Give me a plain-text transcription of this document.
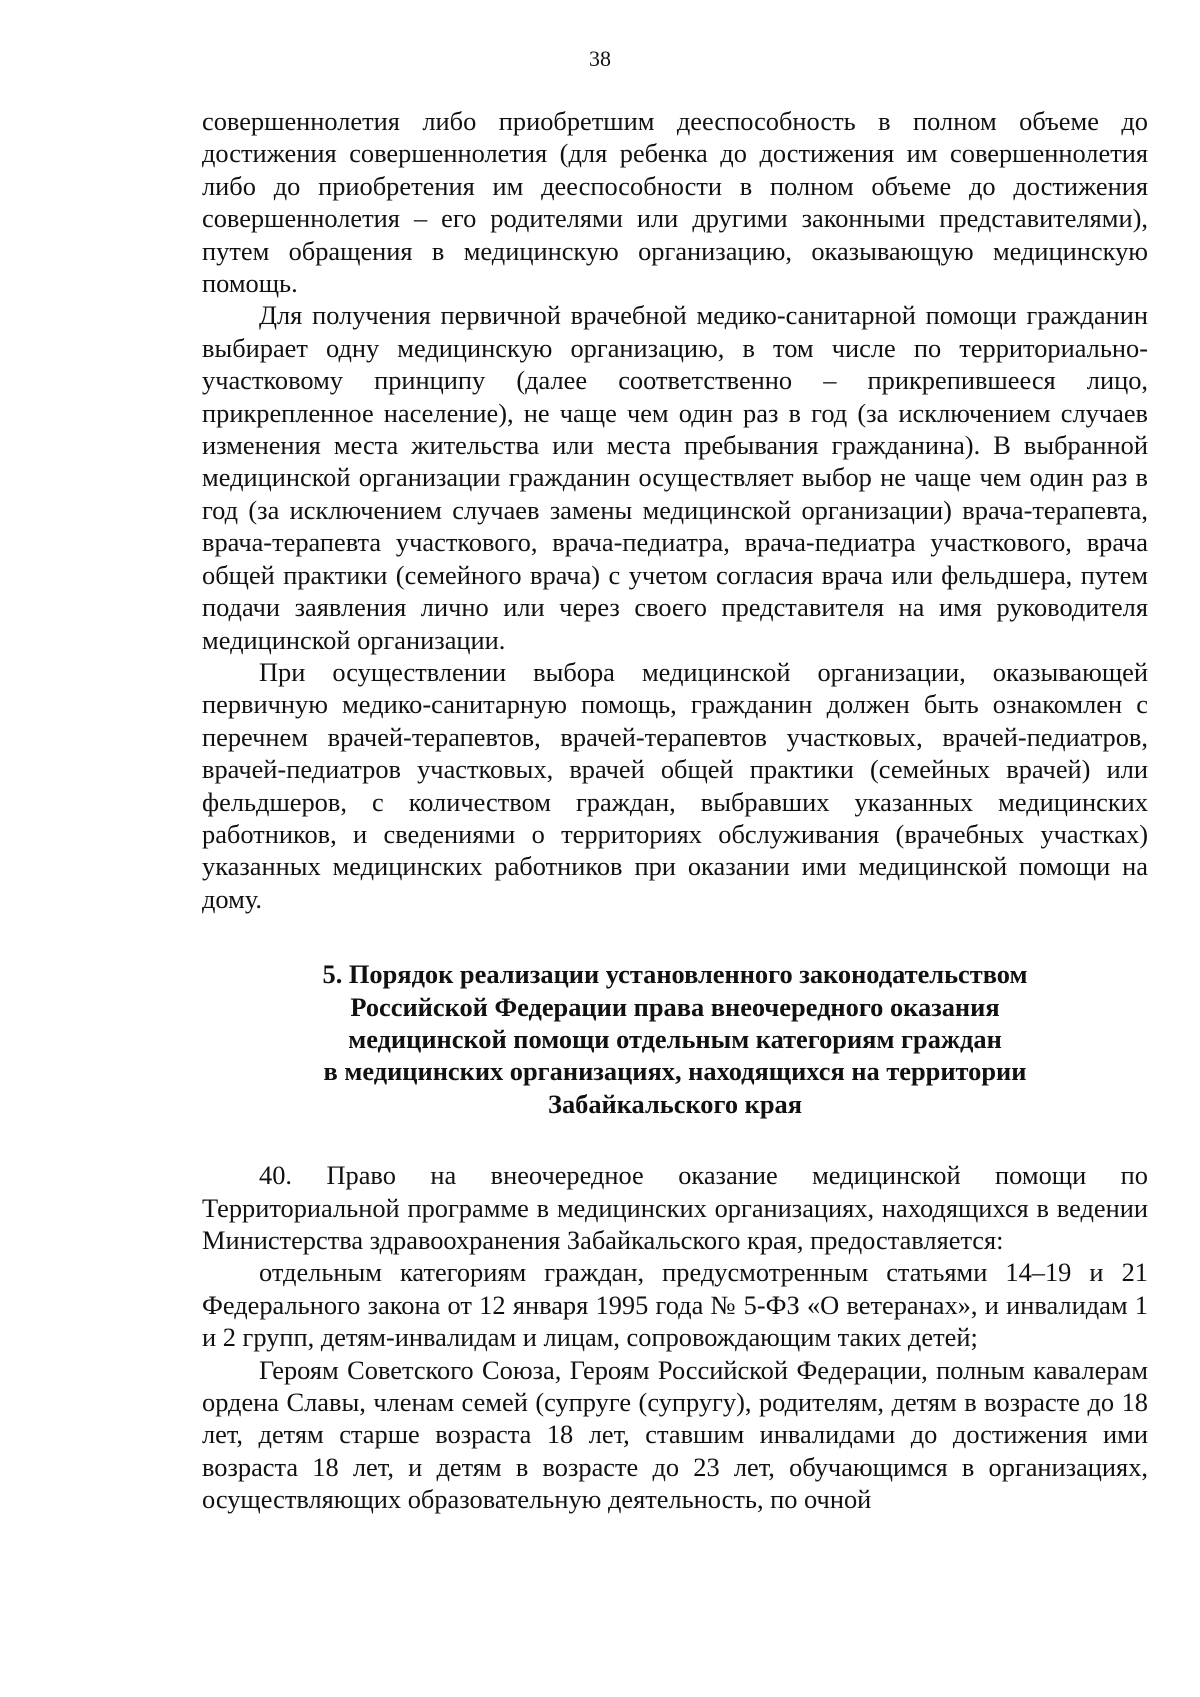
38

совершеннолетия либо приобретшим дееспособность в полном объеме до достижения совершеннолетия (для ребенка до достижения им совершеннолетия либо до приобретения им дееспособности в полном объеме до достижения совершеннолетия – его родителями или другими законными представителями), путем обращения в медицинскую организацию, оказывающую медицинскую помощь.

Для получения первичной врачебной медико-санитарной помощи гражданин выбирает одну медицинскую организацию, в том числе по территориально-участковому принципу (далее соответственно – прикрепившееся лицо, прикрепленное население), не чаще чем один раз в год (за исключением случаев изменения места жительства или места пребывания гражданина). В выбранной медицинской организации гражданин осуществляет выбор не чаще чем один раз в год (за исключением случаев замены медицинской организации) врача-терапевта, врача-терапевта участкового, врача-педиатра, врача-педиатра участкового, врача общей практики (семейного врача) с учетом согласия врача или фельдшера, путем подачи заявления лично или через своего представителя на имя руководителя медицинской организации.

При осуществлении выбора медицинской организации, оказывающей первичную медико-санитарную помощь, гражданин должен быть ознакомлен с перечнем врачей-терапевтов, врачей-терапевтов участковых, врачей-педиатров, врачей-педиатров участковых, врачей общей практики (семейных врачей) или фельдшеров, с количеством граждан, выбравших указанных медицинских работников, и сведениями о территориях обслуживания (врачебных участках) указанных медицинских работников при оказании ими медицинской помощи на дому.

5. Порядок реализации установленного законодательством
Российской Федерации права внеочередного оказания
медицинской помощи отдельным категориям граждан
в медицинских организациях, находящихся на территории
Забайкальского края

40. Право на внеочередное оказание медицинской помощи по Территориальной программе в медицинских организациях, находящихся в ведении Министерства здравоохранения Забайкальского края, предоставляется:

отдельным категориям граждан, предусмотренным статьями 14–19 и 21 Федерального закона от 12 января 1995 года № 5-ФЗ «О ветеранах», и инвалидам 1 и 2 групп, детям-инвалидам и лицам, сопровождающим таких детей;

Героям Советского Союза, Героям Российской Федерации, полным кавалерам ордена Славы, членам семей (супруге (супругу), родителям, детям в возрасте до 18 лет, детям старше возраста 18 лет, ставшим инвалидами до достижения ими возраста 18 лет, и детям в возрасте до 23 лет, обучающимся в организациях, осуществляющих образовательную деятельность, по очной
